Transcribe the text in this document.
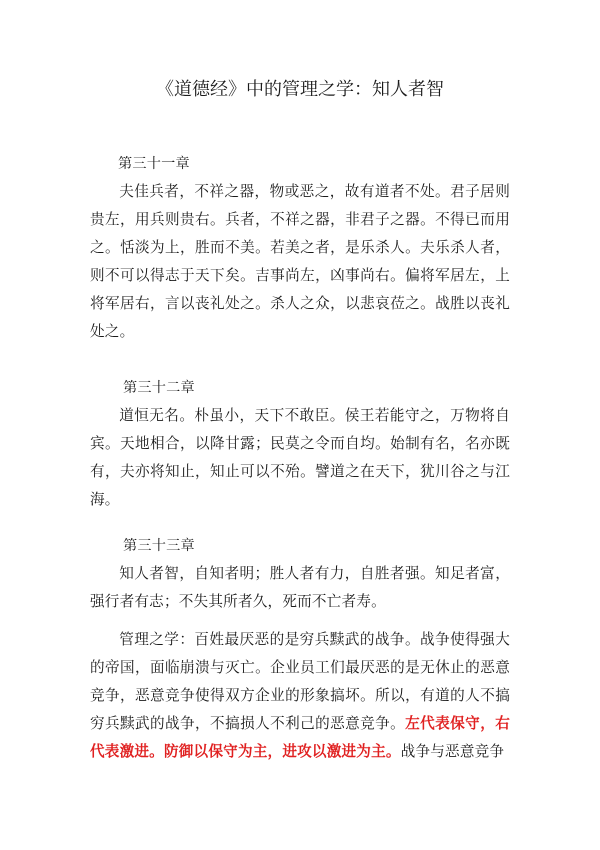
《道德经》中的管理之学：知人者智

第三十一章

夫佳兵者，不祥之器，物或恶之，故有道者不处。君子居则贵左，用兵则贵右。兵者，不祥之器，非君子之器。不得已而用之。恬淡为上，胜而不美。若美之者，是乐杀人。夫乐杀人者，则不可以得志于天下矣。吉事尚左，凶事尚右。偏将军居左，上将军居右，言以丧礼处之。杀人之众，以悲哀莅之。战胜以丧礼处之。

第三十二章

道恒无名。朴虽小，天下不敢臣。侯王若能守之，万物将自宾。天地相合，以降甘露；民莫之令而自均。始制有名，名亦既有，夫亦将知止，知止可以不殆。譬道之在天下，犹川谷之与江海。

第三十三章

知人者智，自知者明；胜人者有力，自胜者强。知足者富，强行者有志；不失其所者久，死而不亡者寿。

管理之学：百姓最厌恶的是穷兵黩武的战争。战争使得强大的帝国，面临崩溃与灭亡。企业员工们最厌恶的是无休止的恶意竞争，恶意竞争使得双方企业的形象搞坏。所以，有道的人不搞穷兵黩武的战争，不搞损人不利己的恶意竞争。左代表保守，右代表激进。防御以保守为主，进攻以激进为主。战争与恶意竞争
